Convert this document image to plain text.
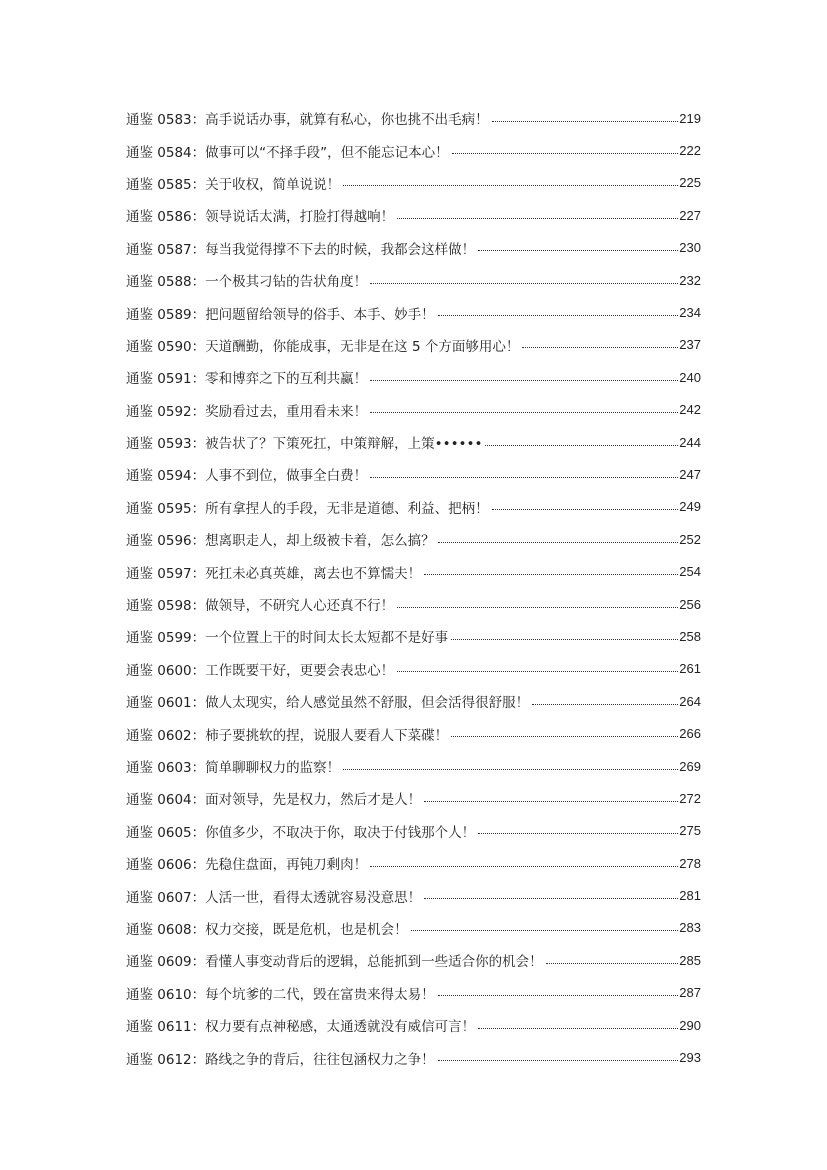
通鉴 0583：高手说话办事，就算有私心，你也挑不出毛病！	219
通鉴 0584：做事可以“不择手段”，但不能忘记本心！	222
通鉴 0585：关于收权，简单说说！	225
通鉴 0586：领导说话太满，打脸打得越响！	227
通鉴 0587：每当我觉得撑不下去的时候，我都会这样做！	230
通鉴 0588：一个极其刁钻的告状角度！	232
通鉴 0589：把问题留给领导的俗手、本手、妙手！	234
通鉴 0590：天道酬勤，你能成事，无非是在这 5 个方面够用心！	237
通鉴 0591：零和博弈之下的互利共赢！	240
通鉴 0592：奖励看过去，重用看未来！	242
通鉴 0593：被告状了？下策死扛，中策辩解，上策••••••	244
通鉴 0594：人事不到位，做事全白费！	247
通鉴 0595：所有拿捏人的手段，无非是道德、利益、把柄！	249
通鉴 0596：想离职走人，却上级被卡着，怎么搞？	252
通鉴 0597：死扛未必真英雄，离去也不算懦夫！	254
通鉴 0598：做领导，不研究人心还真不行！	256
通鉴 0599：一个位置上干的时间太长太短都不是好事	258
通鉴 0600：工作既要干好，更要会表忠心！	261
通鉴 0601：做人太现实，给人感觉虽然不舒服，但会活得很舒服！	264
通鉴 0602：柿子要挑软的捏，说服人要看人下菜碟！	266
通鉴 0603：简单聊聊权力的监察！	269
通鉴 0604：面对领导，先是权力，然后才是人！	272
通鉴 0605：你值多少，不取决于你，取决于付钱那个人！	275
通鉴 0606：先稳住盘面，再钝刀剩肉！	278
通鉴 0607：人活一世，看得太透就容易没意思！	281
通鉴 0608：权力交接，既是危机，也是机会！	283
通鉴 0609：看懂人事变动背后的逻辑，总能抓到一些适合你的机会！	285
通鉴 0610：每个坑爹的二代，毁在富贵来得太易！	287
通鉴 0611：权力要有点神秘感，太通透就没有威信可言！	290
通鉴 0612：路线之争的背后，往往包涵权力之争！	293
